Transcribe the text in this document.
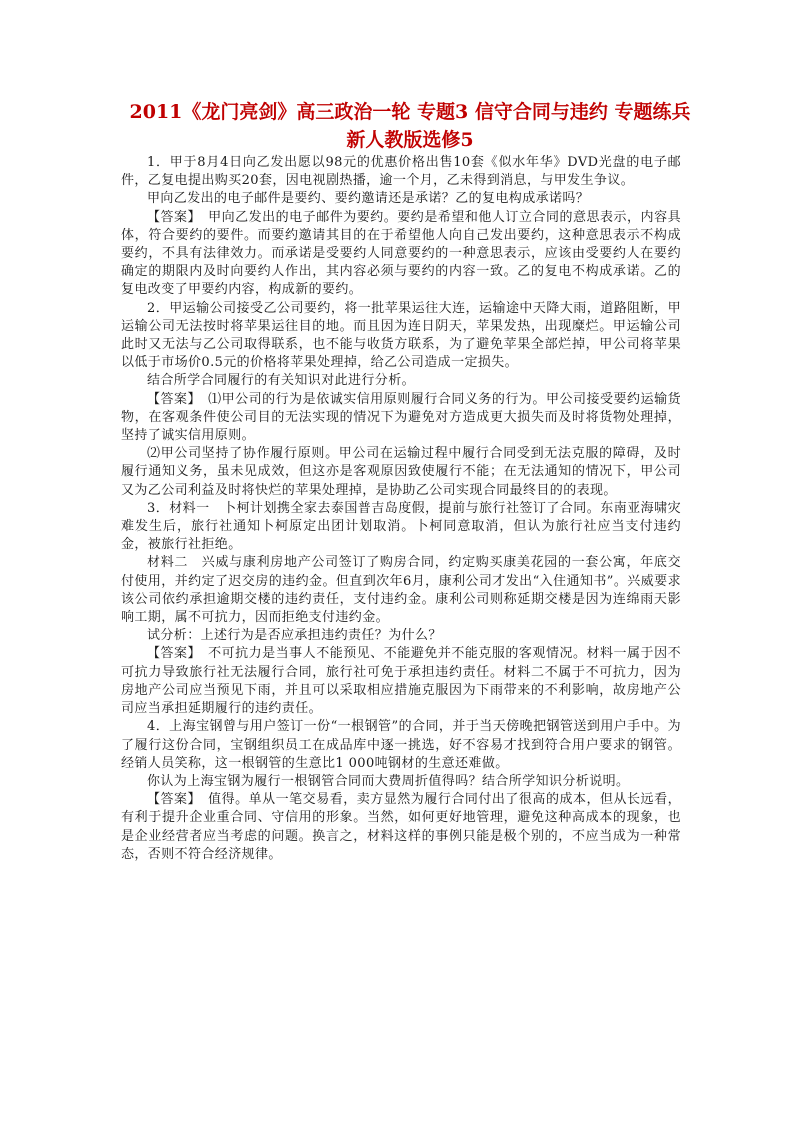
2011《龙门亮剑》高三政治一轮 专题3 信守合同与违约 专题练兵 新人教版选修5

1．甲于8月4日向乙发出愿以98元的优惠价格出售10套《似水年华》DVD光盘的电子邮件，乙复电提出购买20套，因电视剧热播，逾一个月，乙未得到消息，与甲发生争议。

甲向乙发出的电子邮件是要约、要约邀请还是承诺？乙的复电构成承诺吗？

【答案】　甲向乙发出的电子邮件为要约。要约是希望和他人订立合同的意思表示，内容具体，符合要约的要件。而要约邀请其目的在于希望他人向自己发出要约，这种意思表示不构成要约，不具有法律效力。而承诺是受要约人同意要约的一种意思表示，应该由受要约人在要约确定的期限内及时向要约人作出，其内容必须与要约的内容一致。乙的复电不构成承诺。乙的复电改变了甲要约内容，构成新的要约。

2．甲运输公司接受乙公司要约，将一批苹果运往大连，运输途中天降大雨，道路阻断，甲运输公司无法按时将苹果运往目的地。而且因为连日阴天，苹果发热，出现糜烂。甲运输公司此时又无法与乙公司取得联系，也不能与收货方联系，为了避免苹果全部烂掉，甲公司将苹果以低于市场价0.5元的价格将苹果处理掉，给乙公司造成一定损失。

结合所学合同履行的有关知识对此进行分析。

【答案】　⑴甲公司的行为是依诚实信用原则履行合同义务的行为。甲公司接受要约运输货物，在客观条件使公司目的无法实现的情况下为避免对方造成更大损失而及时将货物处理掉，坚持了诚实信用原则。

⑵甲公司坚持了协作履行原则。甲公司在运输过程中履行合同受到无法克服的障碍，及时履行通知义务，虽未见成效，但这亦是客观原因致使履行不能；在无法通知的情况下，甲公司又为乙公司利益及时将快烂的苹果处理掉，是协助乙公司实现合同最终目的的表现。

3．材料一　卜柯计划携全家去泰国普吉岛度假，提前与旅行社签订了合同。东南亚海啸灾难发生后，旅行社通知卜柯原定出团计划取消。卜柯同意取消，但认为旅行社应当支付违约金，被旅行社拒绝。

材料二　兴威与康利房地产公司签订了购房合同，约定购买康美花园的一套公寓，年底交付使用，并约定了迟交房的违约金。但直到次年6月，康利公司才发出“入住通知书”。兴威要求该公司依约承担逾期交楼的违约责任，支付违约金。康利公司则称延期交楼是因为连绵雨天影响工期，属不可抗力，因而拒绝支付违约金。

试分析：上述行为是否应承担违约责任？为什么？

【答案】　不可抗力是当事人不能预见、不能避免并不能克服的客观情况。材料一属于因不可抗力导致旅行社无法履行合同，旅行社可免于承担违约责任。材料二不属于不可抗力，因为房地产公司应当预见下雨，并且可以采取相应措施克服因为下雨带来的不利影响，故房地产公司应当承担延期履行的违约责任。

4．上海宝钢曾与用户签订一份“一根钢管”的合同，并于当天傍晚把钢管送到用户手中。为了履行这份合同，宝钢组织员工在成品库中逐一挑选，好不容易才找到符合用户要求的钢管。经销人员笑称，这一根钢管的生意比1 000吨钢材的生意还难做。

你认为上海宝钢为履行一根钢管合同而大费周折值得吗？结合所学知识分析说明。

【答案】　值得。单从一笔交易看，卖方显然为履行合同付出了很高的成本，但从长远看，有利于提升企业重合同、守信用的形象。当然，如何更好地管理，避免这种高成本的现象，也是企业经营者应当考虑的问题。换言之，材料这样的事例只能是极个别的，不应当成为一种常态，否则不符合经济规律。
